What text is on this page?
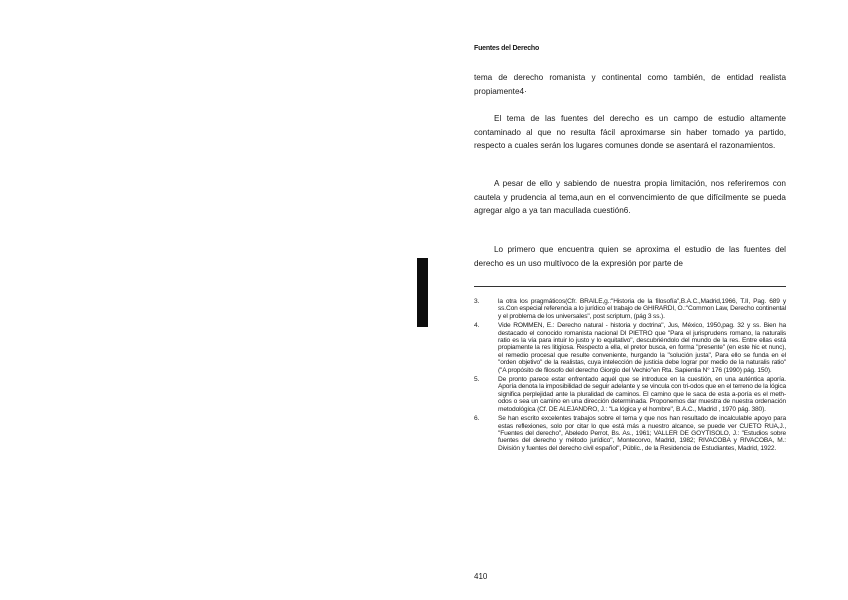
Fuentes del Derecho

tema de derecho romanista y continental como también, de entidad realista propiamente4·

El tema de las fuentes del derecho es un campo de estudio altamente contaminado al que no resulta fácil aproximarse sin haber tomado ya partido, respecto a cuales serán los lugares comunes donde se asentará el razonamientos.

A pesar de ello y sabiendo de nuestra propia limitación, nos referiremos con cautela y prudencia al tema,aun en el convencimiento de que difícilmente se pueda agregar algo a ya tan macullada cuestión6.

Lo primero que encuentra quien se aproxima el estudio de las fuentes del derecho es un uso multívoco de la expresión por parte de

3.	la otra los pragmáticos(Cfr. BRAILE,g.:"Historia de la filosofía",B.A.C.,Madrid,1966, T.II, Pag. 689 y ss.Con especial referencia a lo jurídico el trabajo de GHIRARDI, O.:"Common Law, Derecho continental y el problema de los universales", post scriptum, (pág 3 ss.).
4.	Vide ROMMEN, E.: Derecho natural - historia y doctrina", Jus, México, 1950,pag. 32 y ss. Bien ha destacado el conocido romanista nacional DI PIETRO que "Para el jurisprudens romano, la naturalis ratio es la vía para intuir lo justo y lo equitativo", descubriéndolo del mundo de la res. Entre ellas está propiamente la res litigiosa. Respecto a ella, el pretor busca, en forma "presente" (en este hic et nunc), el remedio procesal que resulte conveniente, hurgando la "solución justa", Para ello se funda en el "orden objetivo" de la realistas, cuya intelección de justicia debe lograr por medio de la naturalis ratio" ("A propósito de filosofo del derecho Giorgio del Vechio"en Rta. Sapientia N° 176 (1990) pág. 150).
5.	De pronto parece estar enfrentado aquél que se introduce en la cuestión, en una auténtica aporía. Aporía denota la imposibilidad de seguir adelante y se vincula con tri-odos que en el terreno de la lógica significa perplejidad ante la pluralidad de caminos. El camino que le saca de esta a-poría es el meth-odos o sea un camino en una dirección determinada. Proponemos dar muestra de nuestra ordenación metodológica (Cf. DE ALEJANDRO, J.: "La lógica y el hombre", B.A.C., Madrid , 1970 pág. 380).
6.	Se han escrito excelentes trabajos sobre el tema y que nos han resultado de incalculable apoyo para estas reflexiones, solo por citar lo que está más a nuestro alcance, se puede ver CUETO RUA,J., "Fuentes del derecho", Abeledo Perrot, Bs. As., 1961; VALLER DE GOYTISOLO, J.: "Estudios sobre fuentes del derecho y método jurídico", Montecorvo, Madrid, 1982; RIVACOBA y RIVACOBA, M.: División y fuentes del derecho civil español", Públic., de la Residencia de Estudiantes, Madrid, 1922.
410
